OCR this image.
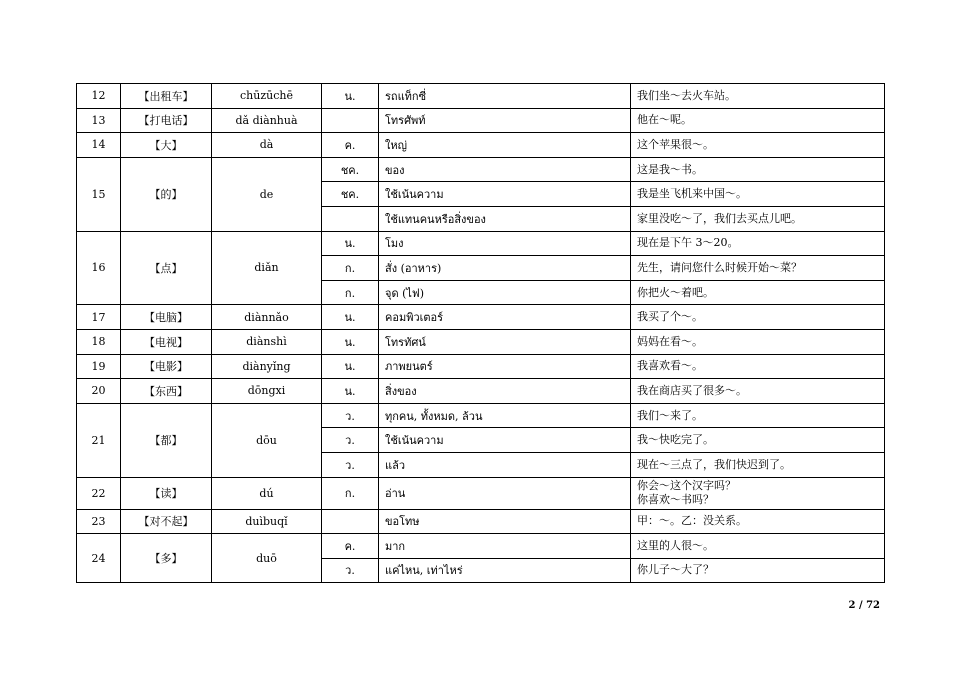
12	【出租车】	chūzūchē	น.	รถแท็กซี่	我们坐～去火车站。

13	【打电话】	dǎ diànhuà		โทรศัพท์	他在～呢。

14	【大】	dà	ค.	ใหญ่	这个苹果很～。

15	【的】	de	ชค.	ของ	这是我～书。

			ชค.	ใช้เน้นความ	我是坐飞机来中国～。

				ใช้แทนคนหรือสิ่งของ	家里没吃～了，我们去买点儿吧。

16	【点】	diǎn	น.	โมง	现在是下午 3～20。

			ก.	สั่ง (อาหาร)	先生，请问您什么时候开始～菜？

			ก.	จุด (ไฟ)	你把火～着吧。

17	【电脑】	diànnǎo	น.	คอมพิวเตอร์	我买了个～。

18	【电视】	diànshì	น.	โทรทัศน์	妈妈在看～。

19	【电影】	diànyǐng	น.	ภาพยนตร์	我喜欢看～。

20	【东西】	dōngxi	น.	สิ่งของ	我在商店买了很多～。

21	【都】	dōu	ว.	ทุกคน, ทั้งหมด, ล้วน	我们～来了。

			ว.	ใช้เน้นความ	我～快吃完了。

			ว.	แล้ว	现在～三点了，我们快迟到了。

22	【读】	dú	ก.	อ่าน	你会～这个汉字吗？
你喜欢～书吗？

23	【对不起】	duìbuqǐ		ขอโทษ	甲：～。乙：没关系。

24	【多】	duō	ค.	มาก	这里的人很～。

			ว.	แค่ไหน, เท่าไหร่	你儿子～大了？
2 / 72
